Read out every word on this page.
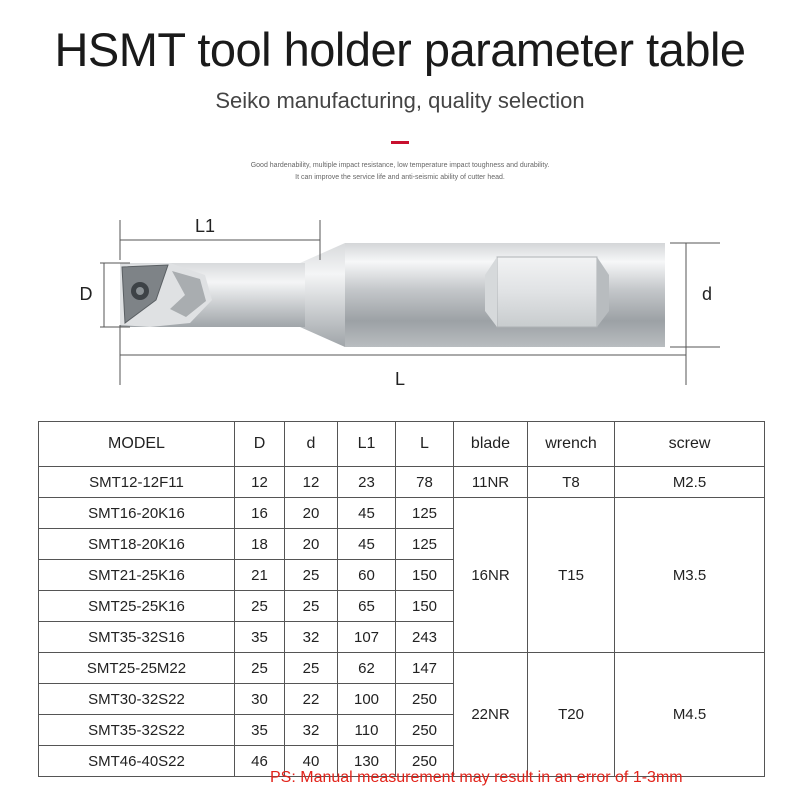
HSMT tool holder parameter table
Seiko manufacturing, quality selection
Good hardenability, multiple impact resistance, low temperature impact toughness and durability.
It can improve the service life and anti-seismic ability of cutter head.
L1
D	d
L
MODEL	D	d	L1	L	blade	wrench	screw
SMT12-12F11	12	12	23	78	11NR	T8	M2.5
SMT16-20K16	16	20	45	125	16NR	T15	M3.5
SMT18-20K16	18	20	45	125			
SMT21-25K16	21	25	60	150			
SMT25-25K16	25	25	65	150			
SMT35-32S16	35	32	107	243			
SMT25-25M22	25	25	62	147	22NR	T20	M4.5
SMT30-32S22	30	22	100	250			
SMT35-32S22	35	32	110	250			
SMT46-40S22	46	40	130	250			
PS: Manual measurement may result in an error of 1-3mm
